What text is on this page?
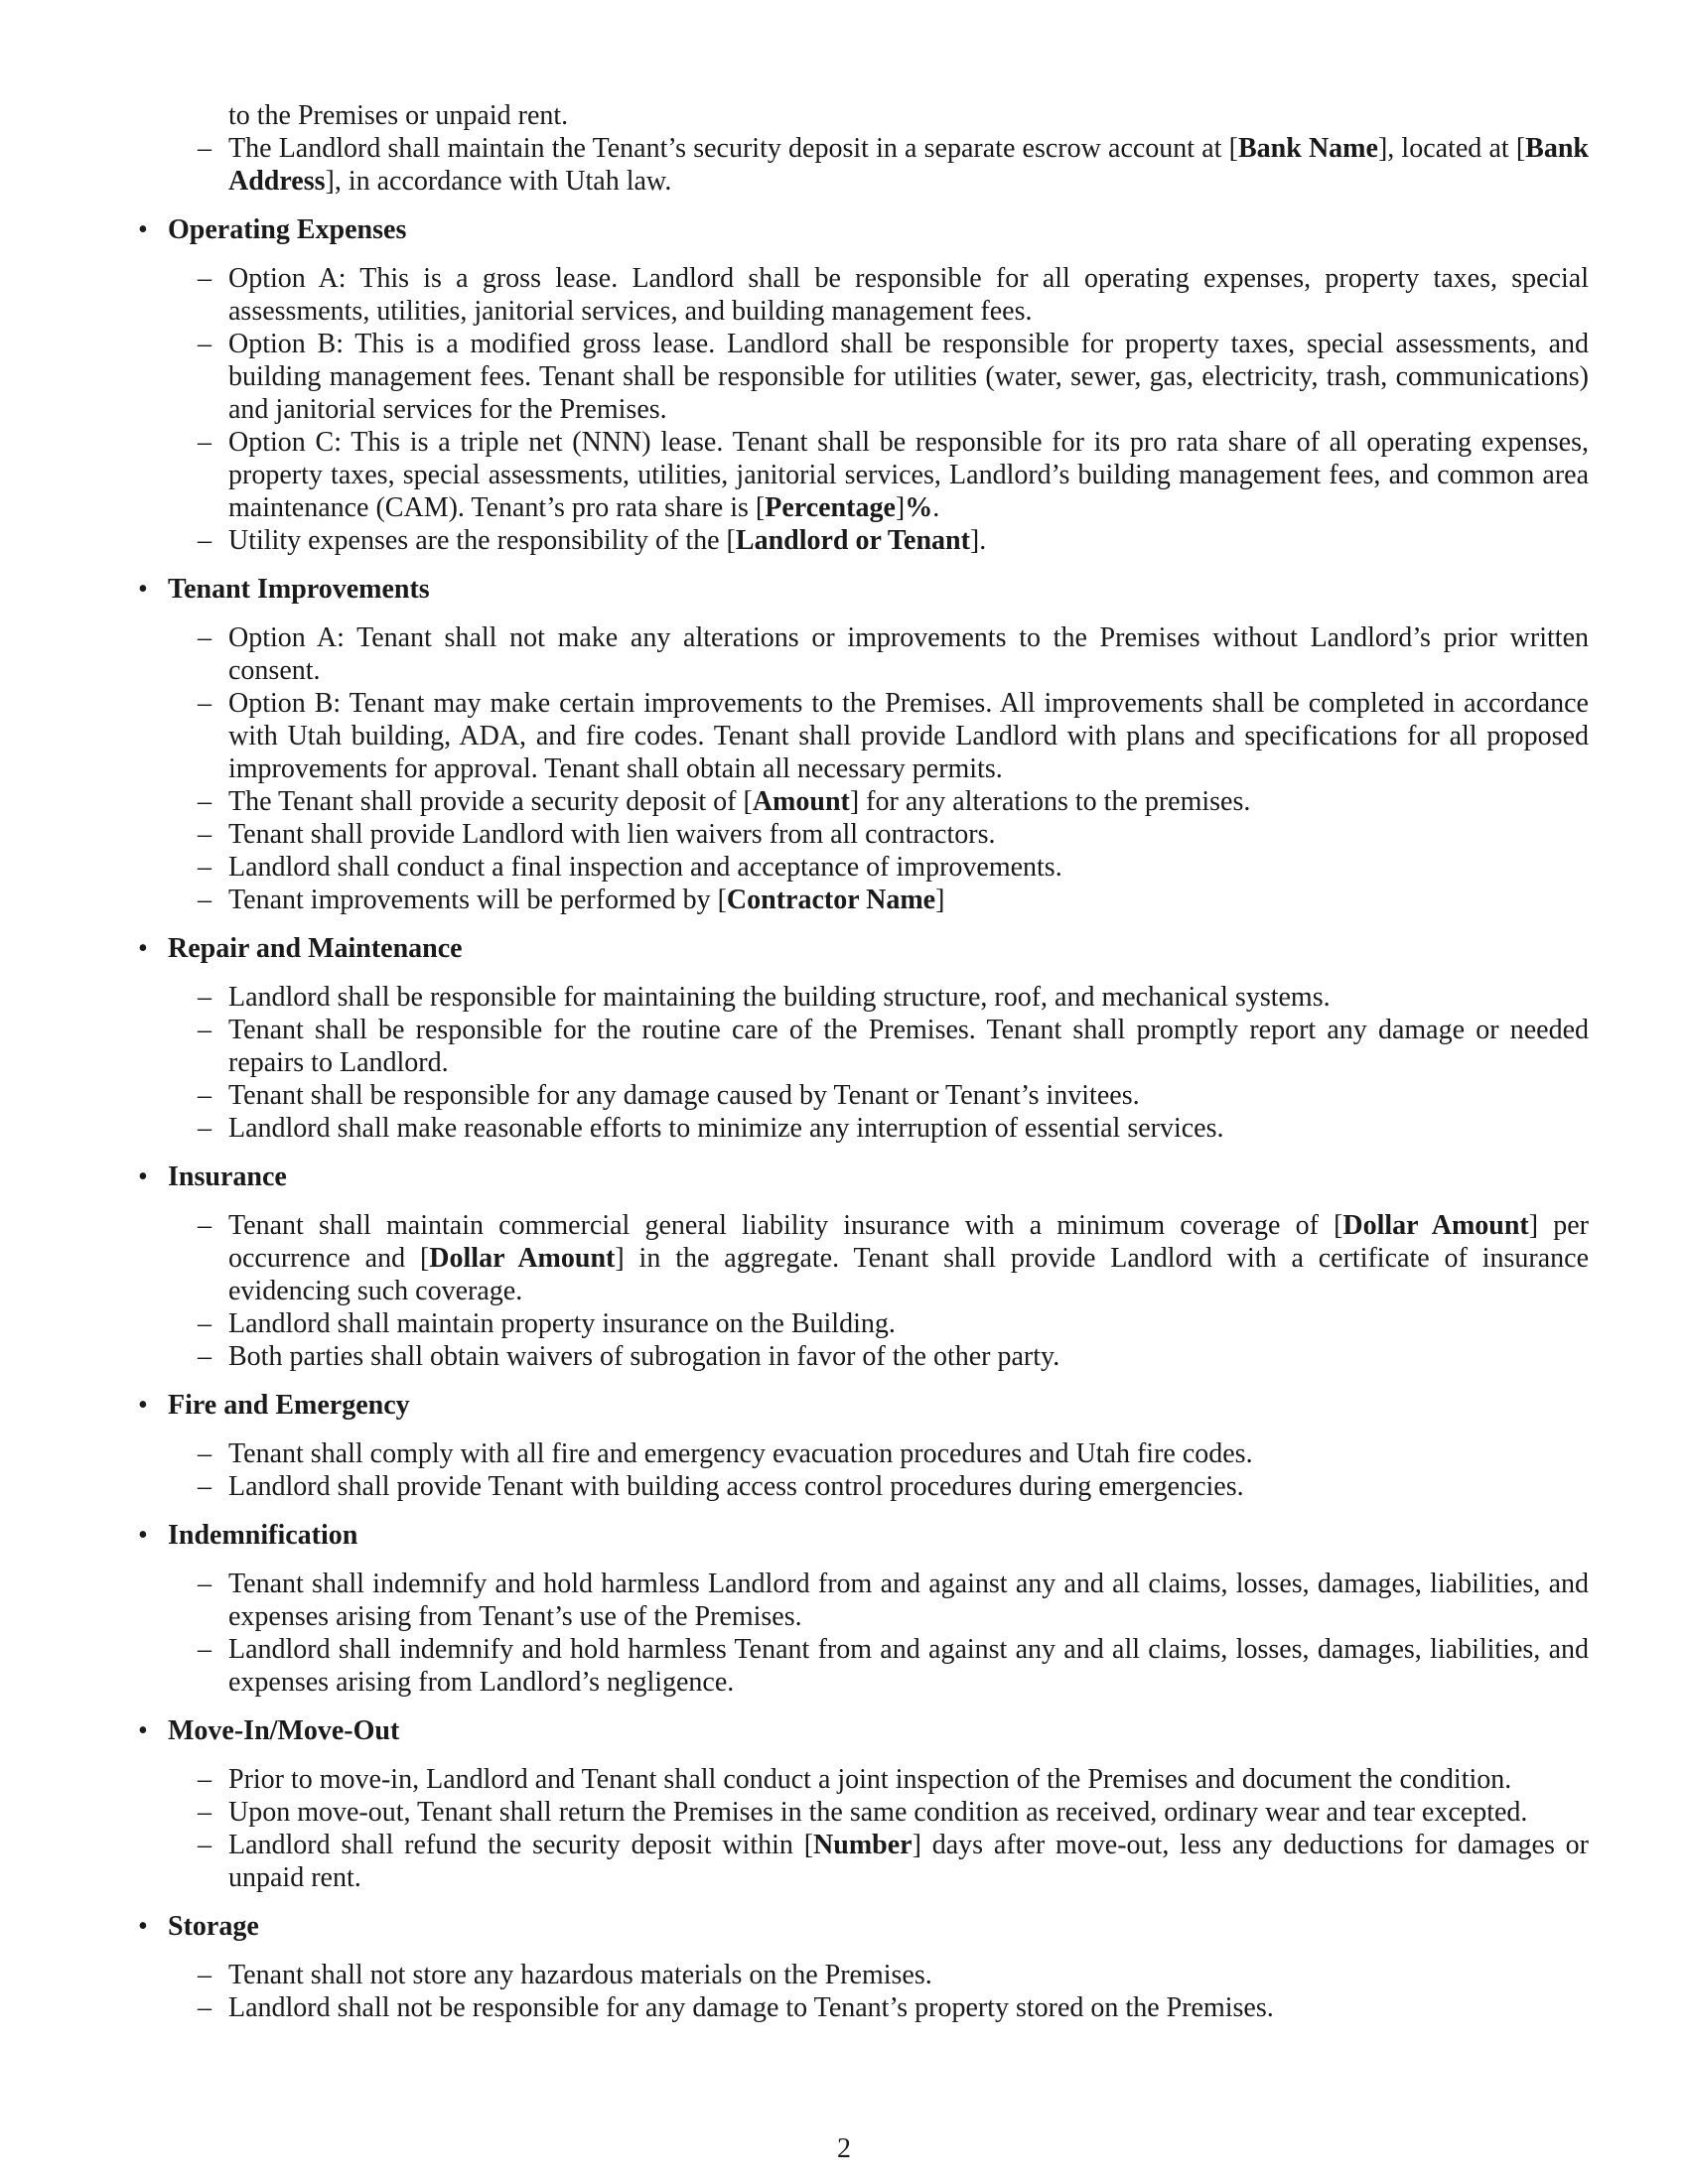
to the Premises or unpaid rent.
– The Landlord shall maintain the Tenant’s security deposit in a separate escrow account at [Bank Name], located at [Bank Address], in accordance with Utah law.
• Operating Expenses
– Option A: This is a gross lease. Landlord shall be responsible for all operating expenses, property taxes, special assessments, utilities, janitorial services, and building management fees.
– Option B: This is a modified gross lease. Landlord shall be responsible for property taxes, special assessments, and building management fees. Tenant shall be responsible for utilities (water, sewer, gas, electricity, trash, communications) and janitorial services for the Premises.
– Option C: This is a triple net (NNN) lease. Tenant shall be responsible for its pro rata share of all operating expenses, property taxes, special assessments, utilities, janitorial services, Landlord’s building management fees, and common area maintenance (CAM). Tenant’s pro rata share is [Percentage]%.
– Utility expenses are the responsibility of the [Landlord or Tenant].
• Tenant Improvements
– Option A: Tenant shall not make any alterations or improvements to the Premises without Landlord’s prior written consent.
– Option B: Tenant may make certain improvements to the Premises. All improvements shall be completed in accordance with Utah building, ADA, and fire codes. Tenant shall provide Landlord with plans and specifications for all proposed improvements for approval. Tenant shall obtain all necessary permits.
– The Tenant shall provide a security deposit of [Amount] for any alterations to the premises.
– Tenant shall provide Landlord with lien waivers from all contractors.
– Landlord shall conduct a final inspection and acceptance of improvements.
– Tenant improvements will be performed by [Contractor Name]
• Repair and Maintenance
– Landlord shall be responsible for maintaining the building structure, roof, and mechanical systems.
– Tenant shall be responsible for the routine care of the Premises. Tenant shall promptly report any damage or needed repairs to Landlord.
– Tenant shall be responsible for any damage caused by Tenant or Tenant’s invitees.
– Landlord shall make reasonable efforts to minimize any interruption of essential services.
• Insurance
– Tenant shall maintain commercial general liability insurance with a minimum coverage of [Dollar Amount] per occurrence and [Dollar Amount] in the aggregate. Tenant shall provide Landlord with a certificate of insurance evidencing such coverage.
– Landlord shall maintain property insurance on the Building.
– Both parties shall obtain waivers of subrogation in favor of the other party.
• Fire and Emergency
– Tenant shall comply with all fire and emergency evacuation procedures and Utah fire codes.
– Landlord shall provide Tenant with building access control procedures during emergencies.
• Indemnification
– Tenant shall indemnify and hold harmless Landlord from and against any and all claims, losses, damages, liabilities, and expenses arising from Tenant’s use of the Premises.
– Landlord shall indemnify and hold harmless Tenant from and against any and all claims, losses, damages, liabilities, and expenses arising from Landlord’s negligence.
• Move-In/Move-Out
– Prior to move-in, Landlord and Tenant shall conduct a joint inspection of the Premises and document the condition.
– Upon move-out, Tenant shall return the Premises in the same condition as received, ordinary wear and tear excepted.
– Landlord shall refund the security deposit within [Number] days after move-out, less any deductions for damages or unpaid rent.
• Storage
– Tenant shall not store any hazardous materials on the Premises.
– Landlord shall not be responsible for any damage to Tenant’s property stored on the Premises.
2
